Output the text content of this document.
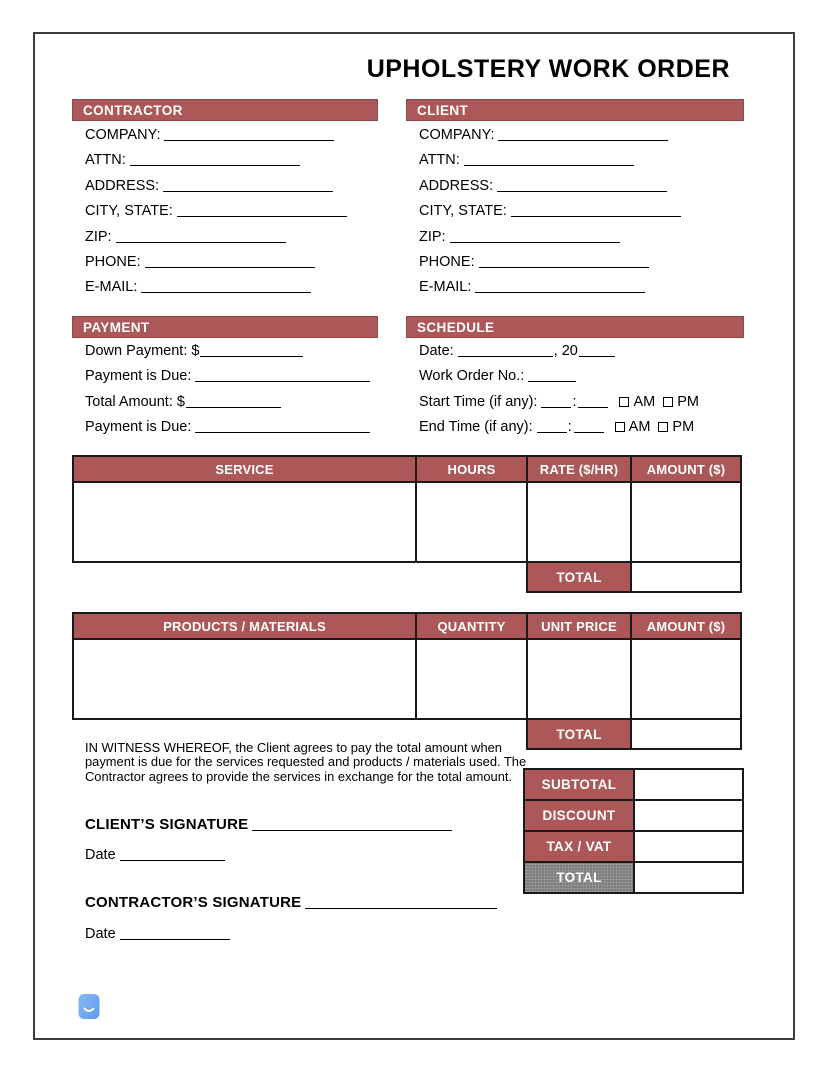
UPHOLSTERY WORK ORDER
CONTRACTOR	CLIENT
COMPANY:
ATTN:
ADDRESS:
CITY, STATE:
ZIP:
PHONE:
E-MAIL:
COMPANY:
ATTN:
ADDRESS:
CITY, STATE:
ZIP:
PHONE:
E-MAIL:
PAYMENT	SCHEDULE
Down Payment: $
Payment is Due:
Total Amount: $
Payment is Due:
Date:	, 20
Work Order No.:
Start Time (if any): :	AM PM
End Time (if any): :	AM PM
SERVICE	HOURS	RATE ($/HR)	AMOUNT ($)

TOTAL	
PRODUCTS / MATERIALS	QUANTITY	UNIT PRICE	AMOUNT ($)

TOTAL	
IN WITNESS WHEREOF, the Client agrees to pay the total amount when
payment is due for the services requested and products / materials used. The
Contractor agrees to provide the services in exchange for the total amount.
SUBTOTAL	
DISCOUNT	
TAX / VAT	
TOTAL	
CLIENT’S SIGNATURE
Date
CONTRACTOR’S SIGNATURE
Date
